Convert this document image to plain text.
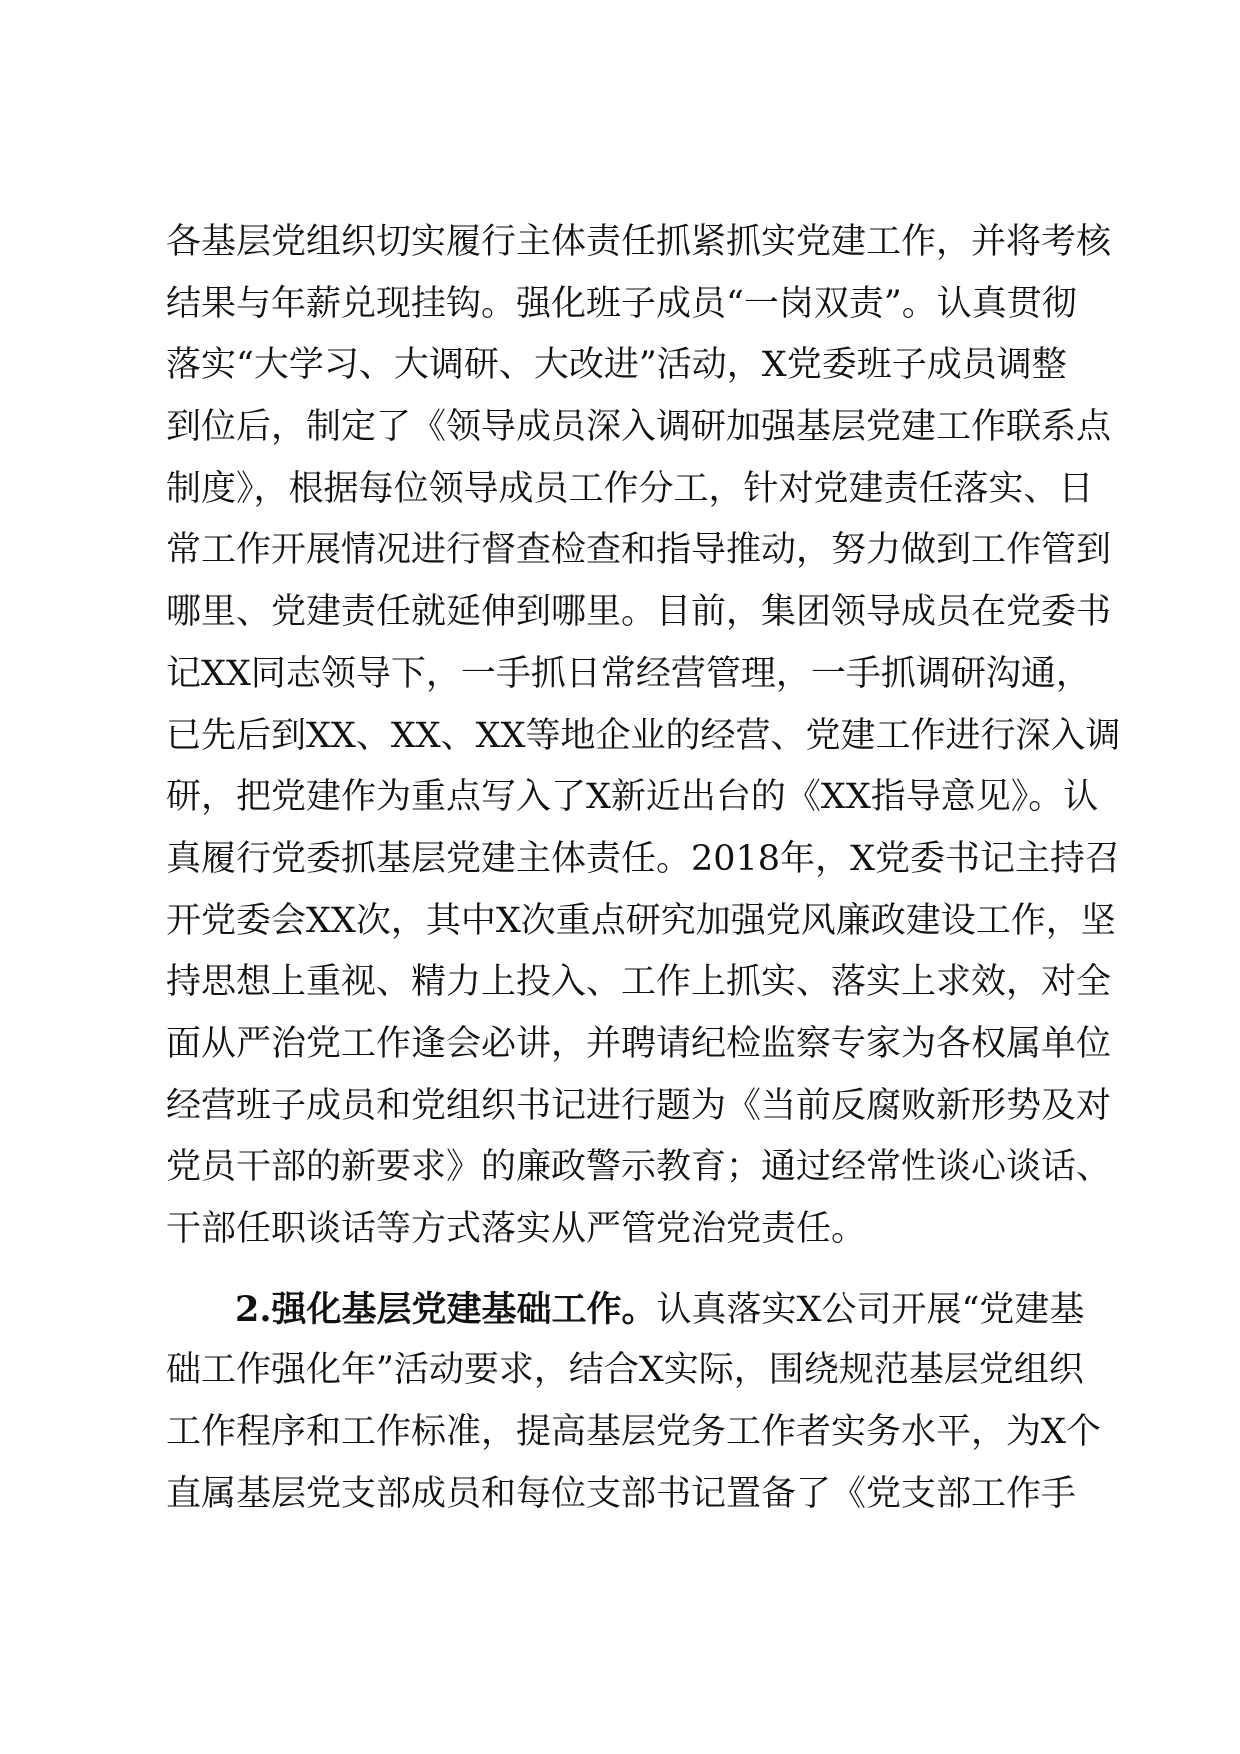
各基层党组织切实履行主体责任抓紧抓实党建工作，并将考核
结果与年薪兑现挂钩。强化班子成员“一岗双责”。认真贯彻
落实“大学习、大调研、大改进”活动，X党委班子成员调整
到位后，制定了《领导成员深入调研加强基层党建工作联系点
制度》，根据每位领导成员工作分工，针对党建责任落实、日
常工作开展情况进行督查检查和指导推动，努力做到工作管到
哪里、党建责任就延伸到哪里。目前，集团领导成员在党委书
记XX同志领导下，一手抓日常经营管理，一手抓调研沟通，
已先后到XX、XX、XX等地企业的经营、党建工作进行深入调
研，把党建作为重点写入了X新近出台的《XX指导意见》。认
真履行党委抓基层党建主体责任。2018年，X党委书记主持召
开党委会XX次，其中X次重点研究加强党风廉政建设工作，坚
持思想上重视、精力上投入、工作上抓实、落实上求效，对全
面从严治党工作逢会必讲，并聘请纪检监察专家为各权属单位
经营班子成员和党组织书记进行题为《当前反腐败新形势及对
党员干部的新要求》的廉政警示教育；通过经常性谈心谈话、
干部任职谈话等方式落实从严管党治党责任。
2.强化基层党建基础工作。认真落实X公司开展“党建基
础工作强化年”活动要求，结合X实际，围绕规范基层党组织
工作程序和工作标准，提高基层党务工作者实务水平，为X个
直属基层党支部成员和每位支部书记置备了《党支部工作手
